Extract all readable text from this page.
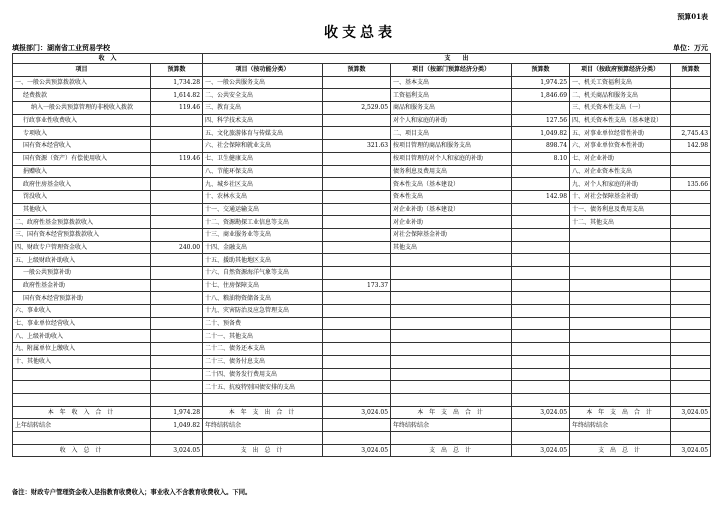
预算01表
收支总表
填报部门：湖南省工业贸易学校	单位：万元
收　入		支　　出					
项目	预算数	项目（按功能分类）	预算数	项目（按部门预算经济分类）	预算数	项目（按政府预算经济分类）	预算数
一、一般公共预算拨款收入	1,734.28	一、一般公共服务支出		一、基本支出	1,974.25	一、机关工资福利支出	
经费拨款	1,614.82	二、公共安全支出		工资福利支出	1,846.69	二、机关商品和服务支出	
纳入一般公共预算管理的非税收入拨款	119.46	三、教育支出	2,529.05	商品和服务支出		三、机关资本性支出（一）	
行政事业性收费收入		四、科学技术支出		对个人和家庭的补助	127.56	四、机关资本性支出（基本建设）	
专项收入		五、文化旅游体育与传媒支出		二、项目支出	1,049.82	五、对事业单位经常性补助	2,745.43
国有资本经营收入		六、社会保障和就业支出	321.63	按项目管理的商品和服务支出	898.74	六、对事业单位资本性补助	142.98
国有资源（资产）有偿使用收入	119.46	七、卫生健康支出		按项目管理的对个人和家庭的补助	8.10	七、对企业补助	
捐赠收入		八、节能环保支出		债务利息及费用支出		八、对企业资本性支出	
政府住房基金收入		九、城乡社区支出		资本性支出（基本建设）		九、对个人和家庭的补助	135.66
罚没收入		十、农林水支出		资本性支出	142.98	十、对社会保障基金补助	
其他收入		十一、交通运输支出		对企业补助（基本建设）		十一、债务利息及费用支出	
二、政府性基金预算拨款收入		十二、资源勘探工业信息等支出		对企业补助		十二、其他支出	
三、国有资本经营预算拨款收入		十三、商业服务业等支出		对社会保障基金补助			
四、财政专户管理资金收入	240.00	十四、金融支出		其他支出			
五、上级财政补助收入		十五、援助其他地区支出					
一般公共预算补助		十六、自然资源海洋气象等支出					
政府性基金补助		十七、住房保障支出	173.37				
国有资本经营预算补助		十八、粮油物资储备支出					
六、事业收入		十九、灾害防治及应急管理支出					
七、事业单位经营收入		二十、预备费					
八、上级补助收入		二十一、其他支出					
九、附属单位上缴收入		二十二、债务还本支出					
十、其他收入		二十三、债务付息支出					
		二十四、债务发行费用支出					
		二十五、抗疫特别国债安排的支出					

本 年 收 入 合 计	1,974.28	本 年 支 出 合 计	3,024.05	本 年 支 出 合 计	3,024.05	本 年 支 出 合 计	3,024.05
上年结转结余	1,049.82	年终结转结余		年终结转结余		年终结转结余	

收 入 总 计	3,024.05	支 出 总 计	3,024.05	支 出 总 计	3,024.05	支 出 总 计	3,024.05
备注：财政专户管理资金收入是指教育收费收入；事业收入不含教育收费收入。下同。
